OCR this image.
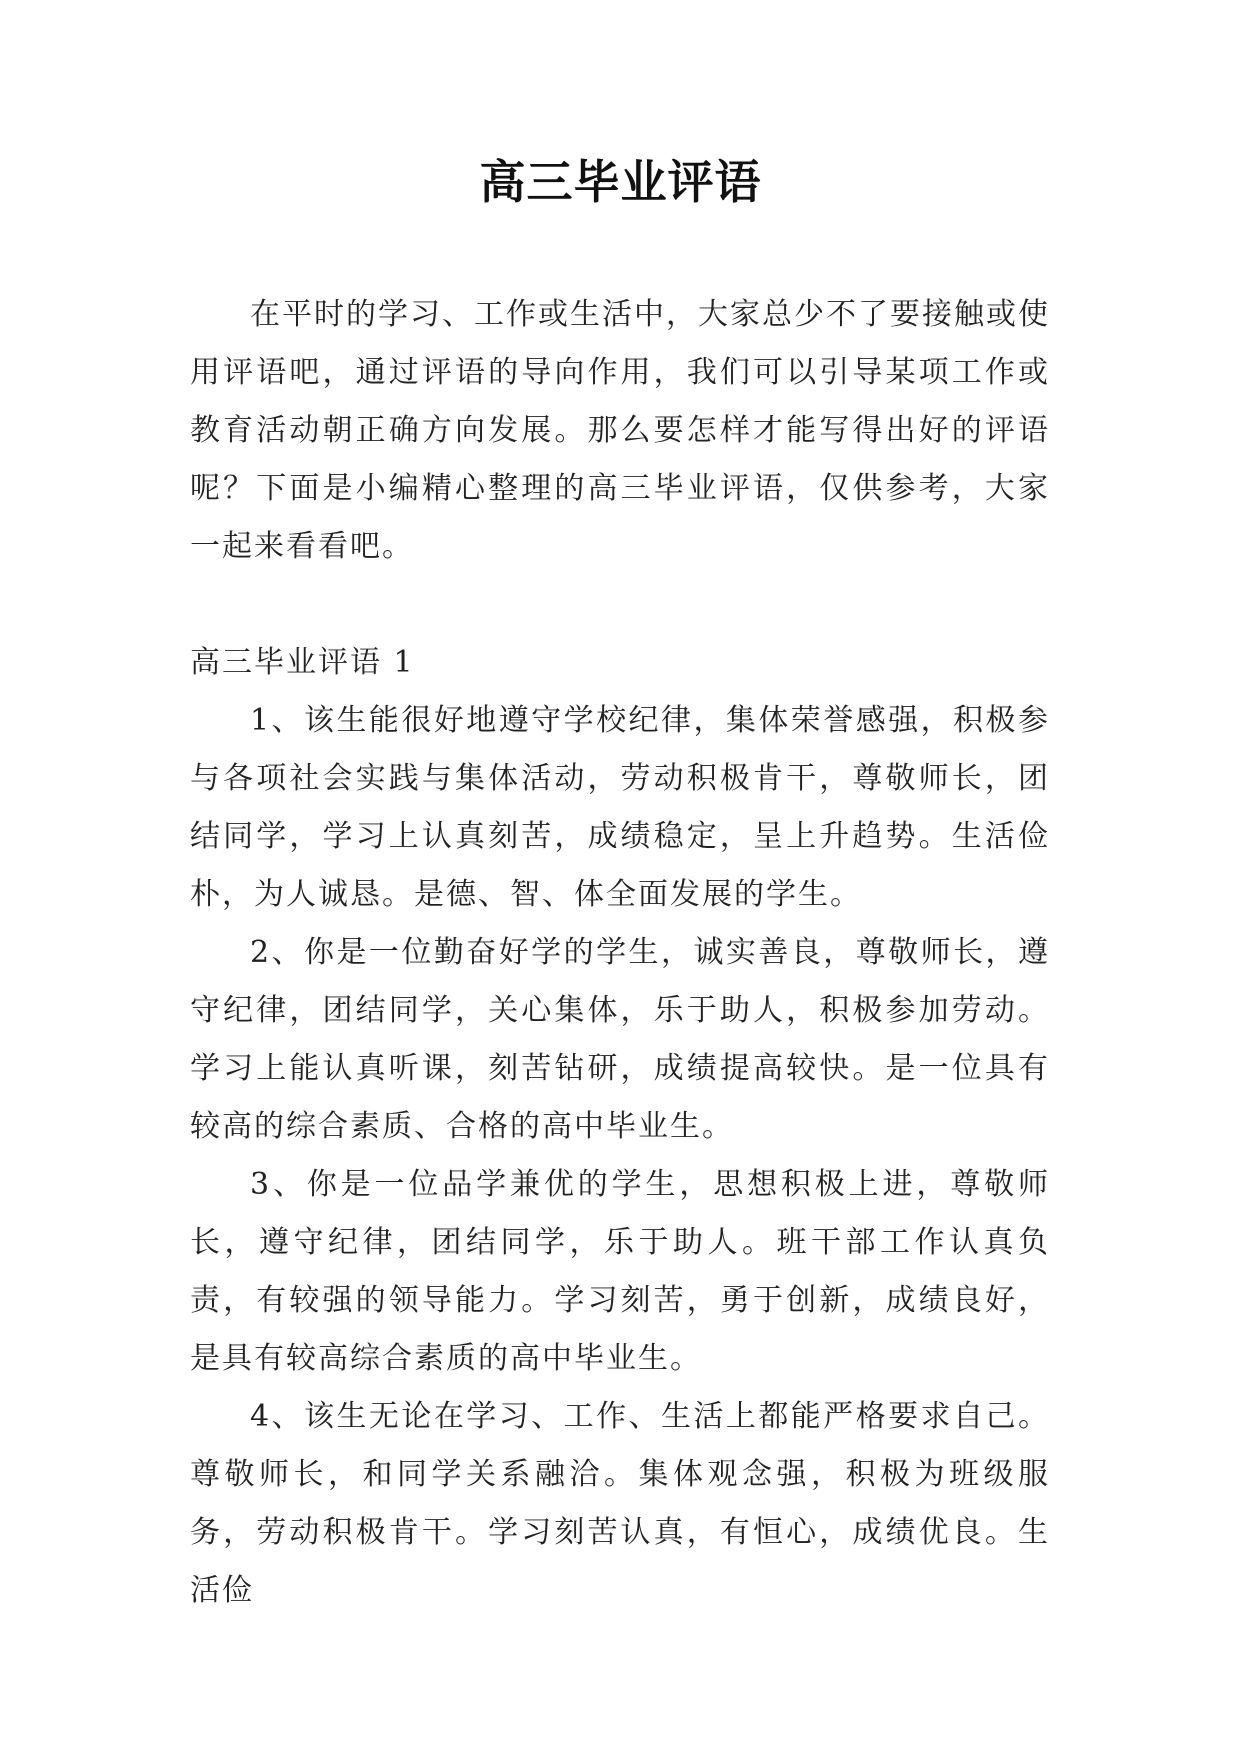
高三毕业评语

在平时的学习、工作或生活中，大家总少不了要接触或使用评语吧，通过评语的导向作用，我们可以引导某项工作或教育活动朝正确方向发展。那么要怎样才能写得出好的评语呢？下面是小编精心整理的高三毕业评语，仅供参考，大家一起来看看吧。

高三毕业评语 1

1、该生能很好地遵守学校纪律，集体荣誉感强，积极参与各项社会实践与集体活动，劳动积极肯干，尊敬师长，团结同学，学习上认真刻苦，成绩稳定，呈上升趋势。生活俭朴，为人诚恳。是德、智、体全面发展的学生。

2、你是一位勤奋好学的学生，诚实善良，尊敬师长，遵守纪律，团结同学，关心集体，乐于助人，积极参加劳动。学习上能认真听课，刻苦钻研，成绩提高较快。是一位具有较高的综合素质、合格的高中毕业生。

3、你是一位品学兼优的学生，思想积极上进，尊敬师长，遵守纪律，团结同学，乐于助人。班干部工作认真负责，有较强的领导能力。学习刻苦，勇于创新，成绩良好，是具有较高综合素质的高中毕业生。

4、该生无论在学习、工作、生活上都能严格要求自己。尊敬师长，和同学关系融洽。集体观念强，积极为班级服务，劳动积极肯干。学习刻苦认真，有恒心，成绩优良。生活俭
